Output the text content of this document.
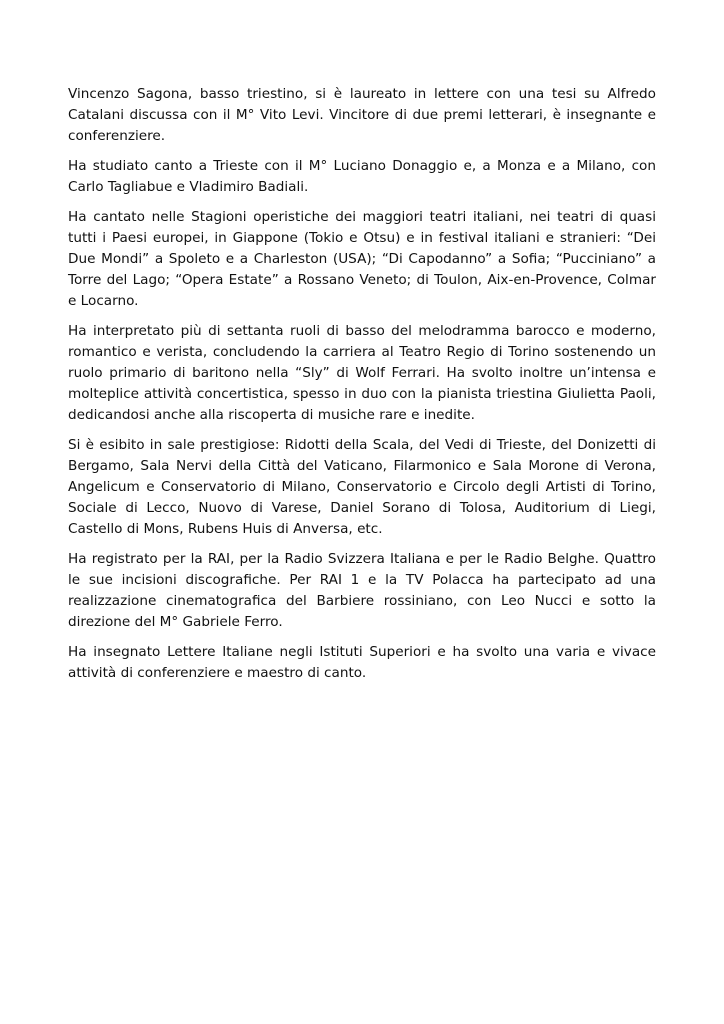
Vincenzo Sagona, basso triestino, si è laureato in lettere con una tesi su Alfredo Catalani discussa con il M° Vito Levi. Vincitore di due premi letterari, è insegnante e conferenziere.

Ha studiato canto a Trieste con il M° Luciano Donaggio e, a Monza e a Milano, con Carlo Tagliabue e Vladimiro Badiali.

Ha cantato nelle Stagioni operistiche dei maggiori teatri italiani, nei teatri di quasi tutti i Paesi europei, in Giappone (Tokio e Otsu) e in festival italiani e stranieri: “Dei Due Mondi” a Spoleto e a Charleston (USA); “Di Capodanno” a Sofia; “Pucciniano” a Torre del Lago; “Opera Estate” a Rossano Veneto; di Toulon, Aix-en-Provence, Colmar e Locarno.

Ha interpretato più di settanta ruoli di basso del melodramma barocco e moderno, romantico e verista, concludendo la carriera al Teatro Regio di Torino sostenendo un ruolo primario di baritono nella “Sly” di Wolf Ferrari. Ha svolto inoltre un’intensa e molteplice attività concertistica, spesso in duo con la pianista triestina Giulietta Paoli, dedicandosi anche alla riscoperta di musiche rare e inedite.

Si è esibito in sale prestigiose: Ridotti della Scala, del Vedi di Trieste, del Donizetti di Bergamo, Sala Nervi della Città del Vaticano, Filarmonico e Sala Morone di Verona, Angelicum e Conservatorio di Milano, Conservatorio e Circolo degli Artisti di Torino, Sociale di Lecco, Nuovo di Varese, Daniel Sorano di Tolosa, Auditorium di Liegi, Castello di Mons, Rubens Huis di Anversa, etc.

Ha registrato per la RAI, per la Radio Svizzera Italiana e per le Radio Belghe. Quattro le sue incisioni discografiche. Per RAI 1 e la TV Polacca ha partecipato ad una realizzazione cinematografica del Barbiere rossiniano, con Leo Nucci e sotto la direzione del M° Gabriele Ferro.

Ha insegnato Lettere Italiane negli Istituti Superiori e ha svolto una varia e vivace attività di conferenziere e maestro di canto.
